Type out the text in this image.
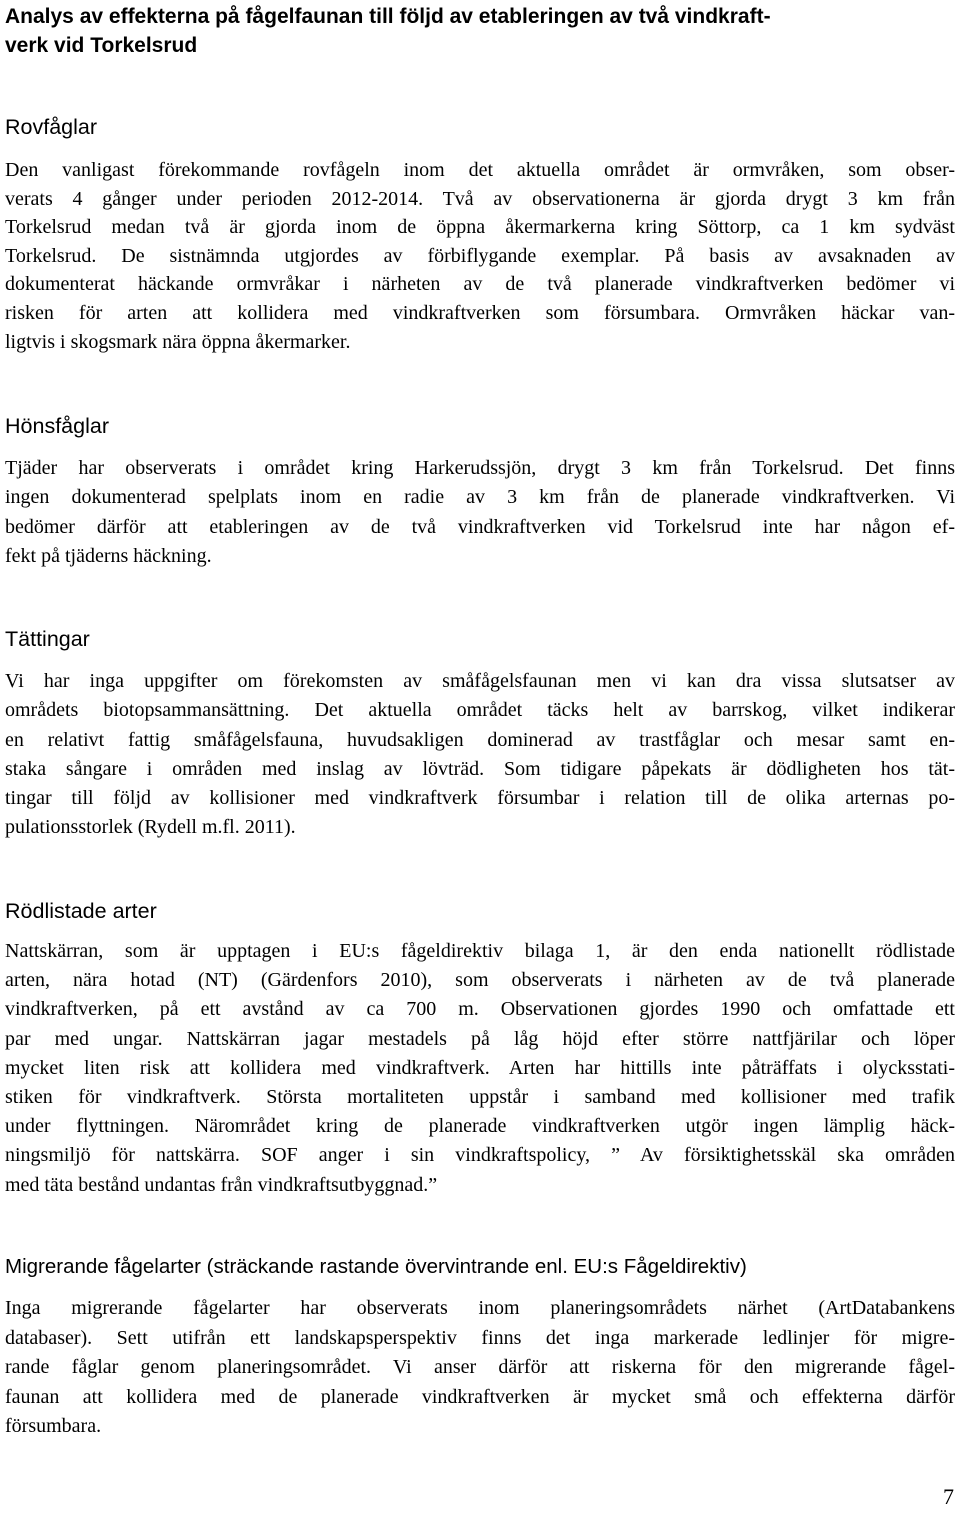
Analys av effekterna på fågelfaunan till följd av etableringen av två vindkraft-
verk vid Torkelsrud
Rovfåglar

Den vanligast förekommande rovfågeln inom det aktuella området är ormvråken, som obser-
verats 4 gånger under perioden 2012-2014. Två av observationerna är gjorda drygt 3 km från
Torkelsrud medan två är gjorda inom de öppna åkermarkerna kring Söttorp, ca 1 km sydväst
Torkelsrud. De sistnämnda utgjordes av förbiflygande exemplar. På basis av avsaknaden av
dokumenterat häckande ormvråkar i närheten av de två planerade vindkraftverken bedömer vi
risken för arten att kollidera med vindkraftverken som försumbara. Ormvråken häckar van-
ligtvis i skogsmark nära öppna åkermarker.

Hönsfåglar

Tjäder har observerats i området kring Harkerudssjön, drygt 3 km från Torkelsrud. Det finns
ingen dokumenterad spelplats inom en radie av 3 km från de planerade vindkraftverken. Vi
bedömer därför att etableringen av de två vindkraftverken vid Torkelsrud inte har någon ef-
fekt på tjäderns häckning.

Tättingar

Vi har inga uppgifter om förekomsten av småfågelsfaunan men vi kan dra vissa slutsatser av
områdets biotopsammansättning. Det aktuella området täcks helt av barrskog, vilket indikerar
en relativt fattig småfågelsfauna, huvudsakligen dominerad av trastfåglar och mesar samt en-
staka sångare i områden med inslag av lövträd. Som tidigare påpekats är dödligheten hos tät-
tingar till följd av kollisioner med vindkraftverk försumbar i relation till de olika arternas po-
pulationsstorlek (Rydell m.fl. 2011).

Rödlistade arter

Nattskärran, som är upptagen i EU:s fågeldirektiv bilaga 1, är den enda nationellt rödlistade
arten, nära hotad (NT) (Gärdenfors 2010), som observerats i närheten av de två planerade
vindkraftverken, på ett avstånd av ca 700 m. Observationen gjordes 1990 och omfattade ett
par med ungar. Nattskärran jagar mestadels på låg höjd efter större nattfjärilar och löper
mycket liten risk att kollidera med vindkraftverk. Arten har hittills inte påträffats i olycksstati-
stiken för vindkraftverk. Största mortaliteten uppstår i samband med kollisioner med trafik
under flyttningen. Närområdet kring de planerade vindkraftverken utgör ingen lämplig häck-
ningsmiljö för nattskärra. SOF anger i sin vindkraftspolicy, ” Av försiktighetsskäl ska områden
med täta bestånd undantas från vindkraftsutbyggnad.”

Migrerande fågelarter (sträckande rastande övervintrande enl. EU:s Fågeldirektiv)

Inga migrerande fågelarter har observerats inom planeringsområdets närhet (ArtDatabankens
databaser). Sett utifrån ett landskapsperspektiv finns det inga markerade ledlinjer för migre-
rande fåglar genom planeringsområdet. Vi anser därför att riskerna för den migrerande fågel-
faunan att kollidera med de planerade vindkraftverken är mycket små och effekterna därför
försumbara.

7
